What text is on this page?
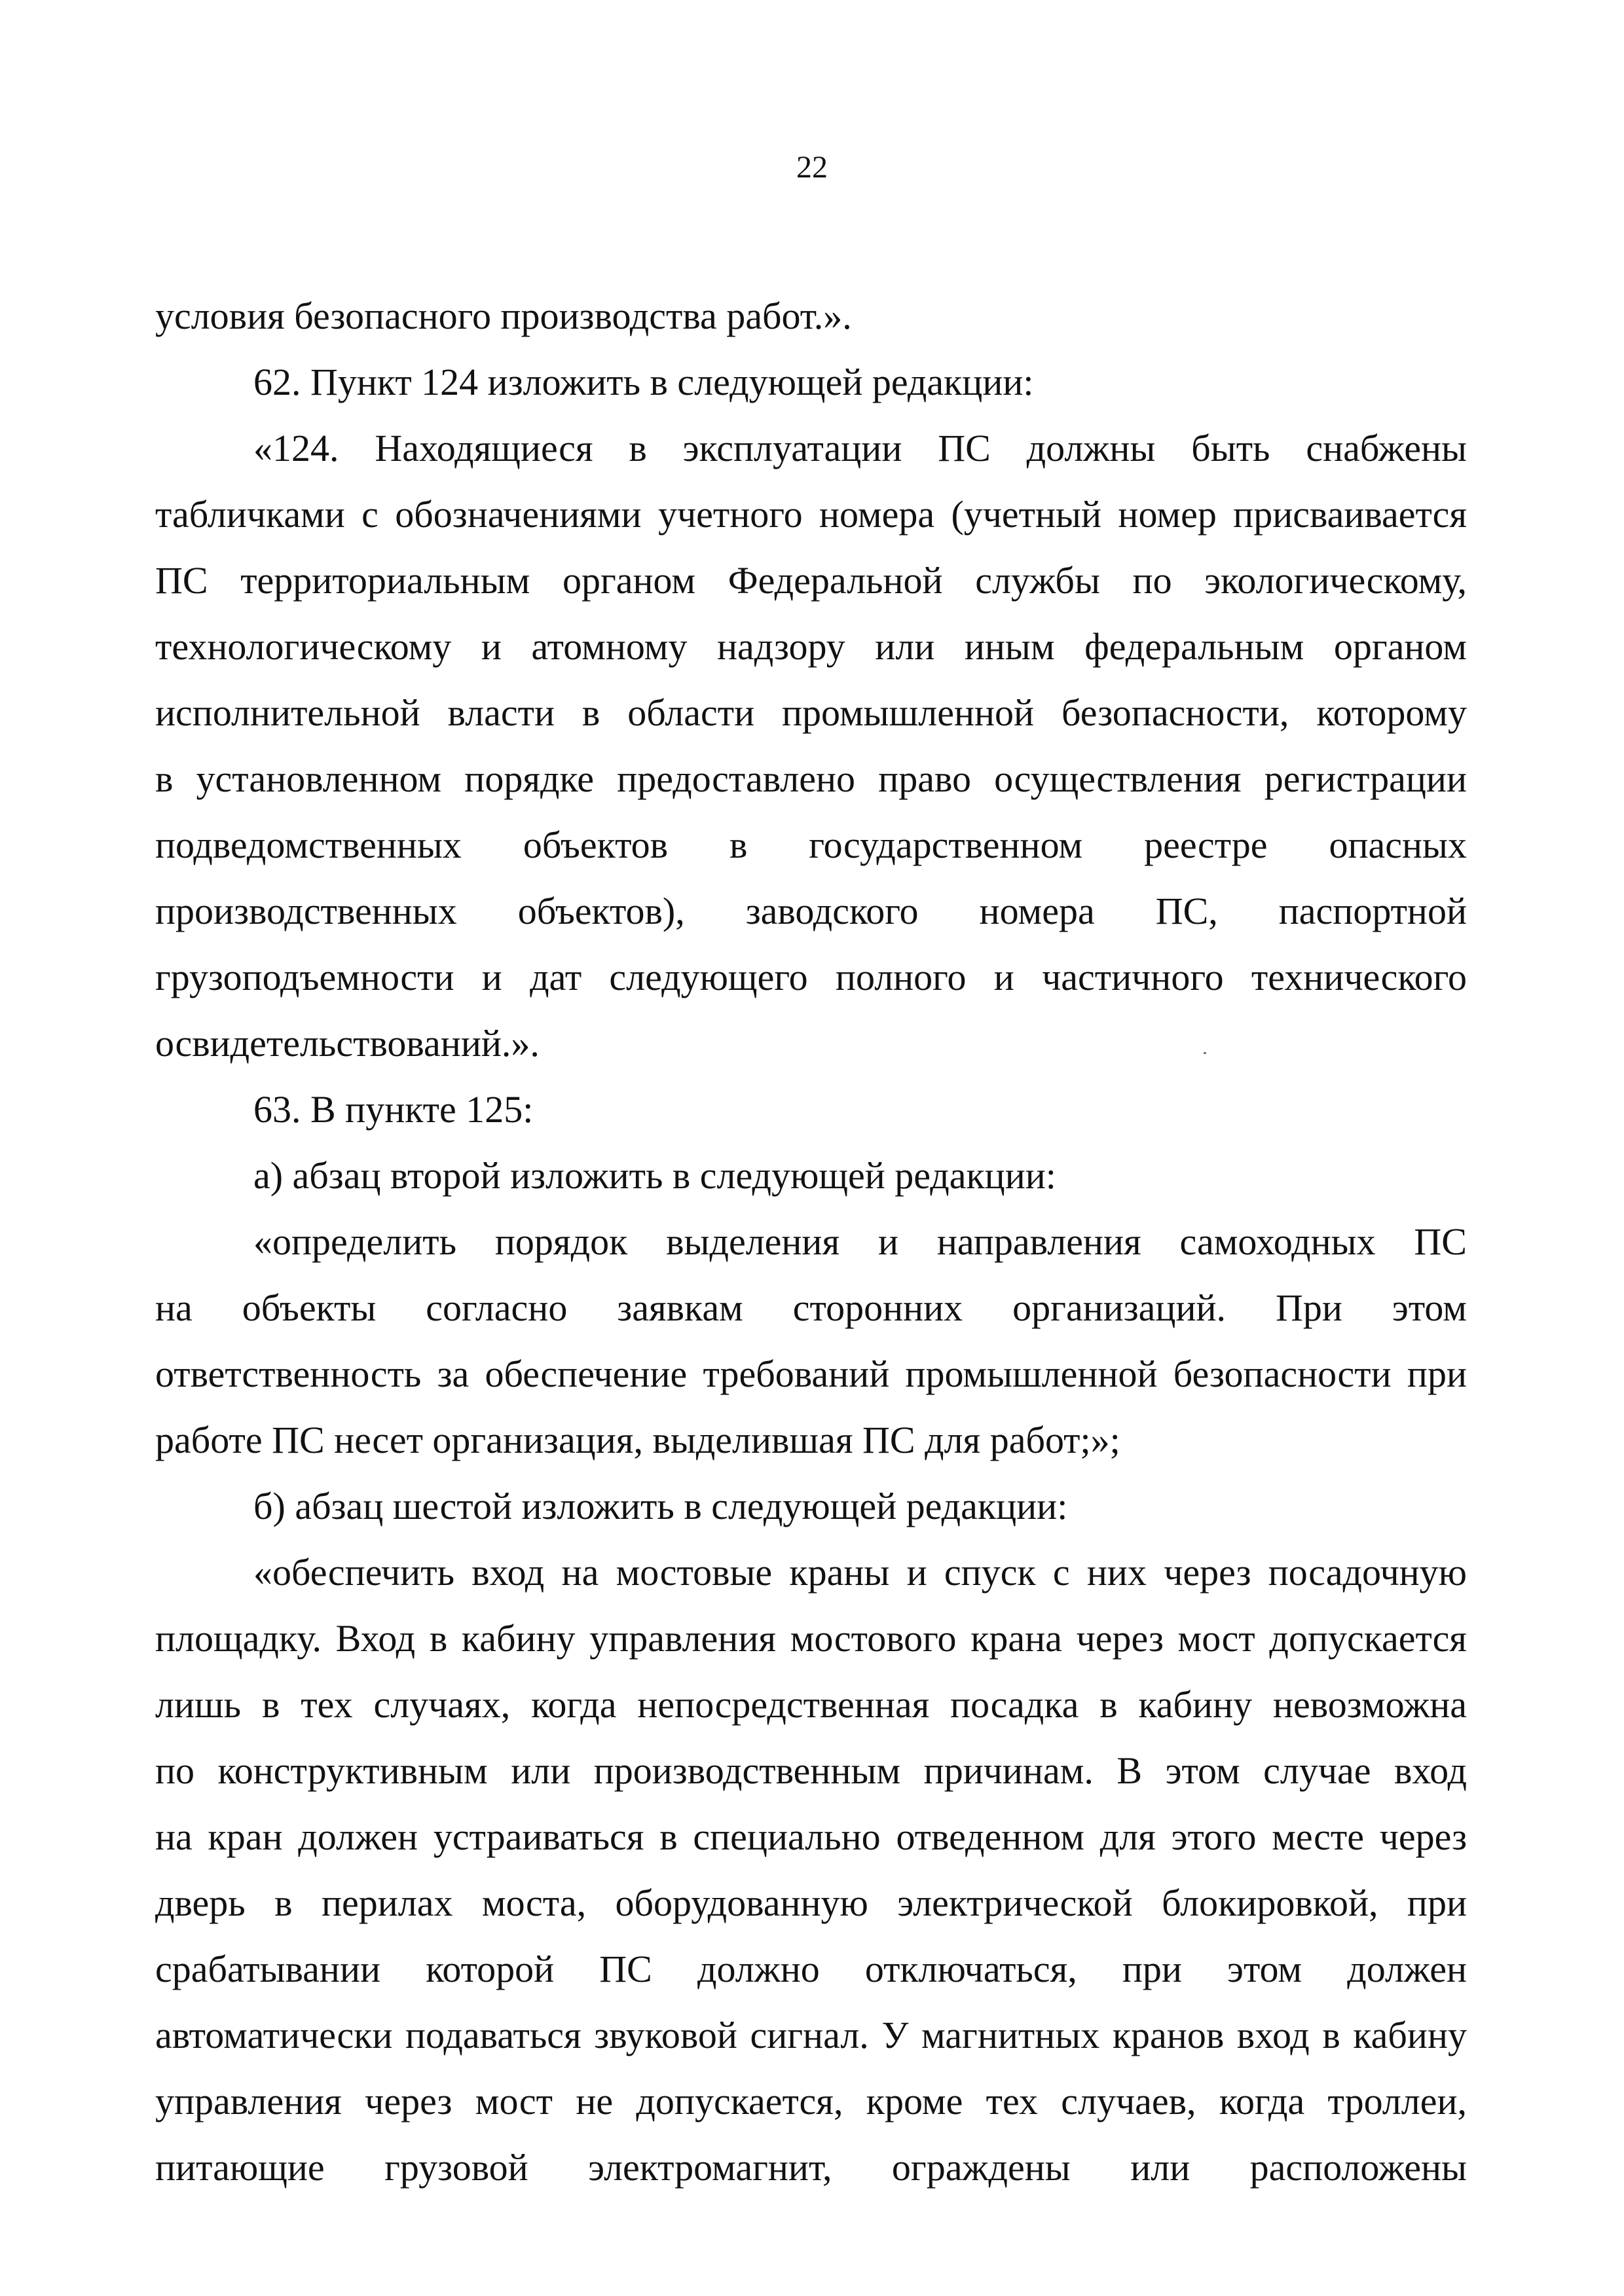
22
условия безопасного производства работ.».
62. Пункт 124 изложить в следующей редакции:
«124. Находящиеся в эксплуатации ПС должны быть снабжены
табличками с обозначениями учетного номера (учетный номер присваивается
ПС территориальным органом Федеральной службы по экологическому,
технологическому и атомному надзору или иным федеральным органом
исполнительной власти в области промышленной безопасности, которому
в установленном порядке предоставлено право осуществления регистрации
подведомственных объектов в государственном реестре опасных
производственных объектов), заводского номера ПС, паспортной
грузоподъемности и дат следующего полного и частичного технического
освидетельствований.».
63. В пункте 125:
а) абзац второй изложить в следующей редакции:
«определить порядок выделения и направления самоходных ПС
на объекты согласно заявкам сторонних организаций. При этом
ответственность за обеспечение требований промышленной безопасности при
работе ПС несет организация, выделившая ПС для работ;»;
б) абзац шестой изложить в следующей редакции:
«обеспечить вход на мостовые краны и спуск с них через посадочную
площадку. Вход в кабину управления мостового крана через мост допускается
лишь в тех случаях, когда непосредственная посадка в кабину невозможна
по конструктивным или производственным причинам. В этом случае вход
на кран должен устраиваться в специально отведенном для этого месте через
дверь в перилах моста, оборудованную электрической блокировкой, при
срабатывании которой ПС должно отключаться, при этом должен
автоматически подаваться звуковой сигнал. У магнитных кранов вход в кабину
управления через мост не допускается, кроме тех случаев, когда троллеи,
питающие грузовой электромагнит, ограждены или расположены
